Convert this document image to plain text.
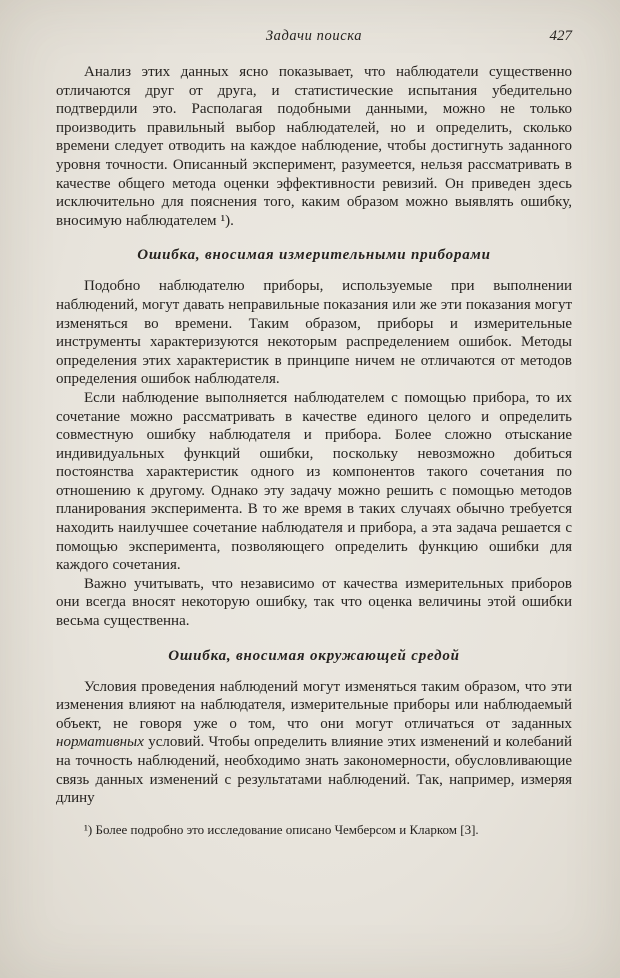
Задачи поиска	427

Анализ этих данных ясно показывает, что наблюдатели существенно отличаются друг от друга, и статистические испытания убедительно подтвердили это. Располагая подобными данными, можно не только производить правильный выбор наблюдателей, но и определить, сколько времени следует отводить на каждое наблюдение, чтобы достигнуть заданного уровня точности. Описанный эксперимент, разумеется, нельзя рассматривать в качестве общего метода оценки эффективности ревизий. Он приведен здесь исключительно для пояснения того, каким образом можно выявлять ошибку, вносимую наблюдателем ¹).

Ошибка, вносимая измерительными приборами

Подобно наблюдателю приборы, используемые при выполнении наблюдений, могут давать неправильные показания или же эти показания могут изменяться во времени. Таким образом, приборы и измерительные инструменты характеризуются некоторым распределением ошибок. Методы определения этих характеристик в принципе ничем не отличаются от методов определения ошибок наблюдателя.

Если наблюдение выполняется наблюдателем с помощью прибора, то их сочетание можно рассматривать в качестве единого целого и определить совместную ошибку наблюдателя и прибора. Более сложно отыскание индивидуальных функций ошибки, поскольку невозможно добиться постоянства характеристик одного из компонентов такого сочетания по отношению к другому. Однако эту задачу можно решить с помощью методов планирования эксперимента. В то же время в таких случаях обычно требуется находить наилучшее сочетание наблюдателя и прибора, а эта задача решается с помощью эксперимента, позволяющего определить функцию ошибки для каждого сочетания.

Важно учитывать, что независимо от качества измерительных приборов они всегда вносят некоторую ошибку, так что оценка величины этой ошибки весьма существенна.

Ошибка, вносимая окружающей средой

Условия проведения наблюдений могут изменяться таким образом, что эти изменения влияют на наблюдателя, измерительные приборы или наблюдаемый объект, не говоря уже о том, что они могут отличаться от заданных нормативных условий. Чтобы определить влияние этих изменений и колебаний на точность наблюдений, необходимо знать закономерности, обусловливающие связь данных изменений с результатами наблюдений. Так, например, измеряя длину

¹) Более подробно это исследование описано Чемберсом и Кларком [3].
